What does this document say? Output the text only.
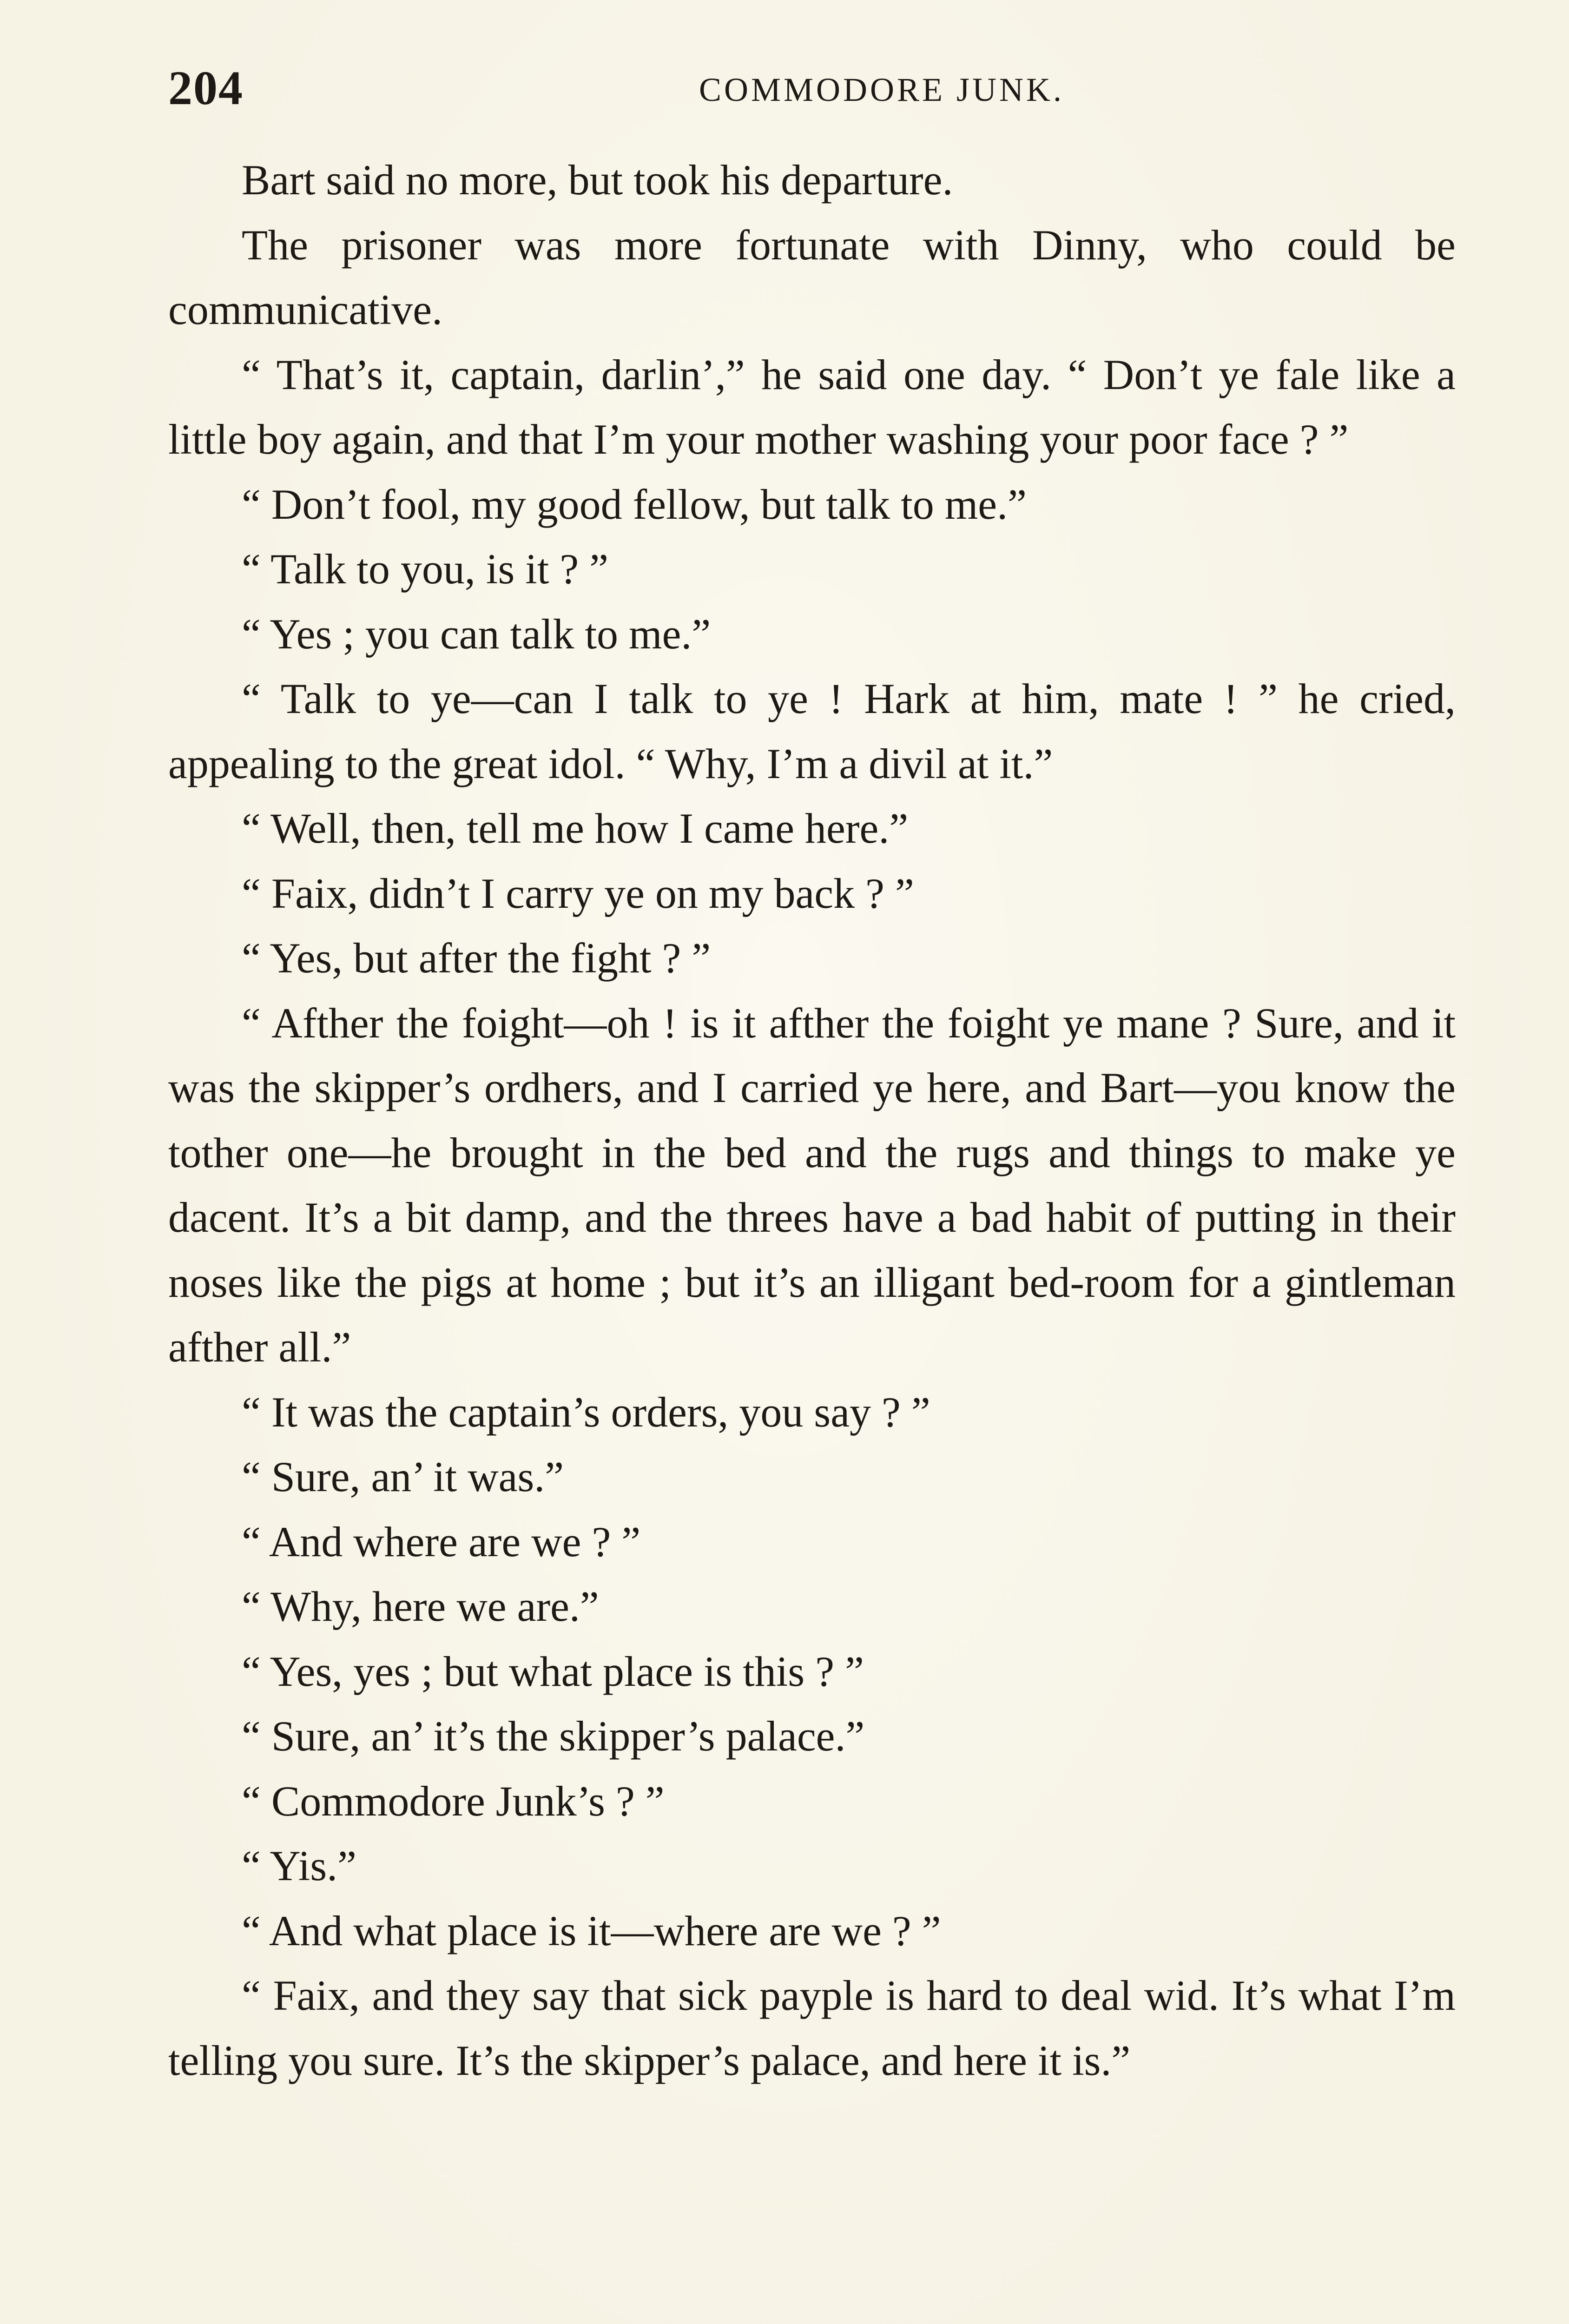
204	COMMODORE JUNK.

Bart said no more, but took his departure.

The prisoner was more fortunate with Dinny, who could be communicative.

“ That’s it, captain, darlin’,” he said one day. “ Don’t ye fale like a little boy again, and that I’m your mother washing your poor face ? ”

“ Don’t fool, my good fellow, but talk to me.”

“ Talk to you, is it ? ”

“ Yes ; you can talk to me.”

“ Talk to ye—can I talk to ye ! Hark at him, mate ! ” he cried, appealing to the great idol. “ Why, I’m a divil at it.”

“ Well, then, tell me how I came here.”

“ Faix, didn’t I carry ye on my back ? ”

“ Yes, but after the fight ? ”

“ Afther the foight—oh ! is it afther the foight ye mane ? Sure, and it was the skipper’s ordhers, and I carried ye here, and Bart—you know the tother one—he brought in the bed and the rugs and things to make ye dacent. It’s a bit damp, and the threes have a bad habit of putting in their noses like the pigs at home ; but it’s an illigant bed-room for a gintleman afther all.”

“ It was the captain’s orders, you say ? ”

“ Sure, an’ it was.”

“ And where are we ? ”

“ Why, here we are.”

“ Yes, yes ; but what place is this ? ”

“ Sure, an’ it’s the skipper’s palace.”

“ Commodore Junk’s ? ”

“ Yis.”

“ And what place is it—where are we ? ”

“ Faix, and they say that sick payple is hard to deal wid. It’s what I’m telling you sure. It’s the skipper’s palace, and here it is.”
